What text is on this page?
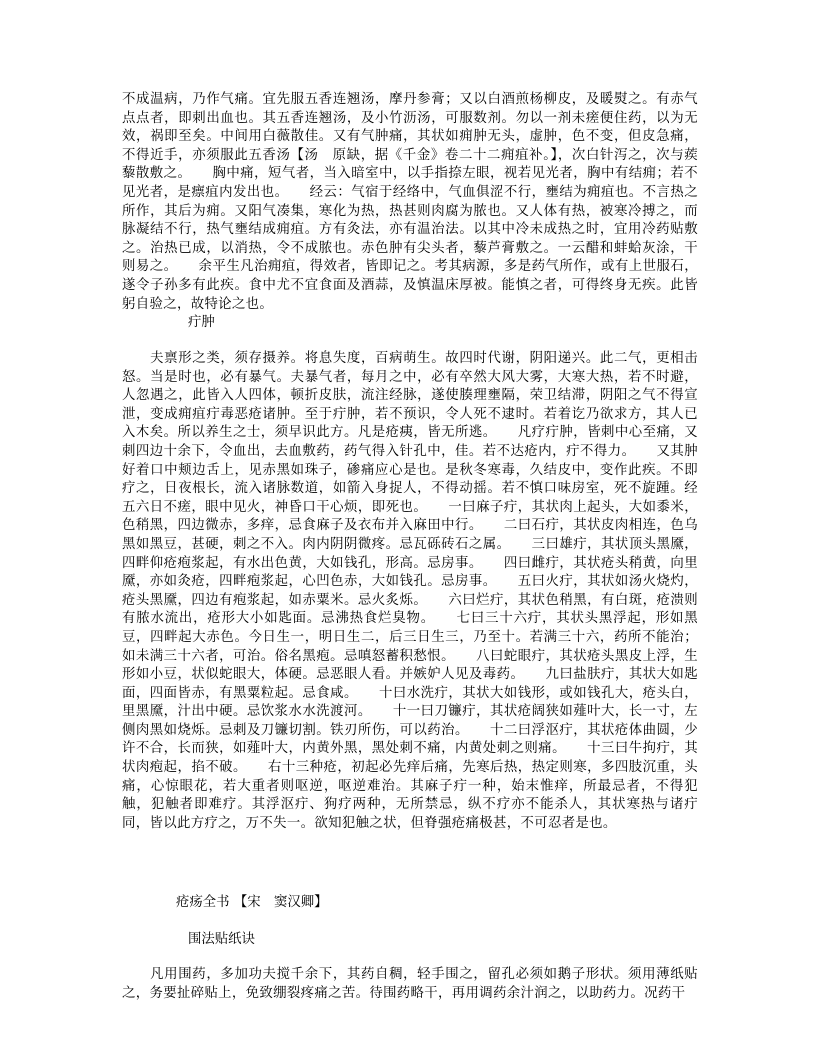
不成温病，乃作气痛。宜先服五香连翘汤，摩丹参膏；又以白酒煎杨柳皮，及暖熨之。有赤气点点者，即刺出血也。其五香连翘汤，及小竹沥汤，可服数剂。勿以一剂未瘥便住药，以为无效，祸即至矣。中间用白薇散佳。又有气肿痛，其状如痈肿无头，虚肿，色不变，但皮急痛，不得近手，亦须服此五香汤【汤　原缺，据《千金》卷二十二痈疽补。】，次白针泻之，次与蒺藜散敷之。　　胸中痛，短气者，当入暗室中，以手指捺左眼，视若见光者，胸中有结痈；若不见光者，是瘭疽内发出也。　　经云：气宿于经络中，气血俱涩不行，壅结为痈疽也。不言热之所作，其后为痈。又阳气凑集，寒化为热，热甚则肉腐为脓也。又人体有热，被寒冷搏之，而脉凝结不行，热气壅结成痈疽。方有灸法，亦有温治法。以其中冷未成热之时，宜用冷药贴敷之。治热已成，以消热，令不成脓也。赤色肿有尖头者，藜芦膏敷之。一云醋和蚌蛤灰涂，干则易之。　　余平生凡治痈疽，得效者，皆即记之。考其病源，多是药气所作，或有上世服石，遂令子孙多有此疾。食中尤不宜食面及酒蒜，及慎温床厚被。能慎之者，可得终身无疾。此皆躬自验之，故特论之也。

疔肿

　　夫禀形之类，须存摄养。将息失度，百病萌生。故四时代谢，阴阳递兴。此二气，更相击怒。当是时也，必有暴气。夫暴气者，每月之中，必有卒然大风大雾，大寒大热，若不时避，人忽遇之，此皆入人四体，顿折皮肤，流注经脉，遂使腠理壅隔，荣卫结滞，阴阳之气不得宣泄，变成痈疽疔毒恶疮诸肿。至于疔肿，若不预识，令人死不逮时。若着讫乃欲求方，其人已入木矣。所以养生之士，须早识此方。凡是疮痍，皆无所逃。　　凡疗疔肿，皆刺中心至痛，又刺四边十余下，令血出，去血敷药，药气得入针孔中，佳。若不达疮内，疔不得力。　　又其肿好着口中颊边舌上，见赤黑如珠子，碜痛应心是也。是秋冬寒毒，久结皮中，变作此疾。不即疗之，日夜根长，流入诸脉数道，如箭入身捉人，不得动摇。若不慎口味房室，死不旋踵。经五六日不瘥，眼中见火，神昏口干心烦，即死也。　　一曰麻子疔，其状肉上起头，大如黍米，色稍黑，四边微赤，多痒，忌食麻子及衣布并入麻田中行。　　二曰石疔，其状皮肉相连，色乌黑如黑豆，甚硬，刺之不入。肉内阴阴微疼。忌瓦砾砖石之属。　　三曰雄疔，其状顶头黑黡，四畔仰疮疱浆起，有水出色黄，大如钱孔，形高。忌房事。　　四曰雌疔，其状疮头稍黄，向里黡，亦如灸疮，四畔疱浆起，心凹色赤，大如钱孔。忌房事。　　五曰火疔，其状如汤火烧灼，疮头黑黡，四边有疱浆起，如赤粟米。忌火炙烁。　　六曰烂疔，其状色稍黑，有白斑，疮溃则有脓水流出，疮形大小如匙面。忌沸热食烂臭物。　　七曰三十六疔，其状头黑浮起，形如黑豆，四畔起大赤色。今日生一，明日生二，后三日生三，乃至十。若满三十六，药所不能治；如未满三十六者，可治。俗名黑疱。忌嗔怒蓄积愁恨。　　八曰蛇眼疔，其状疮头黑皮上浮，生形如小豆，状似蛇眼大，体硬。忌恶眼人看。并嫉妒人见及毒药。　　九曰盐肤疔，其状大如匙面，四面皆赤，有黑粟粒起。忌食咸。　　十曰水洗疔，其状大如钱形，或如钱孔大，疮头白，里黑黡，汁出中硬。忌饮浆水水洗渡河。　　十一曰刀镰疔，其状疮阔狭如薤叶大，长一寸，左侧肉黑如烧烁。忌刺及刀镰切割。铁刃所伤，可以药治。　　十二曰浮沤疔，其状疮体曲圆，少许不合，长而狭，如薤叶大，内黄外黑，黑处刺不痛，内黄处刺之则痛。　　十三曰牛拘疔，其状肉疱起，掐不破。　　右十三种疮，初起必先痒后痛，先寒后热，热定则寒，多四肢沉重，头痛，心惊眼花，若大重者则呕逆，呕逆难治。其麻子疔一种，始末惟痒，所最忌者，不得犯触，犯触者即难疗。其浮沤疔、狗疗两种，无所禁忌，纵不疗亦不能杀人，其状寒热与诸疔同，皆以此方疗之，万不失一。欲知犯触之状，但脊强疮痛极甚，不可忍者是也。

疮疡全书 【宋　窦汉卿】
围法贴纸诀

　　凡用围药，多加功夫搅千余下，其药自稠，轻手围之，留孔必须如鹅子形状。须用薄纸贴之，务要扯碎贴上，免致绷裂疼痛之苦。待围药略干，再用调药余汁润之，以助药力。况药干
